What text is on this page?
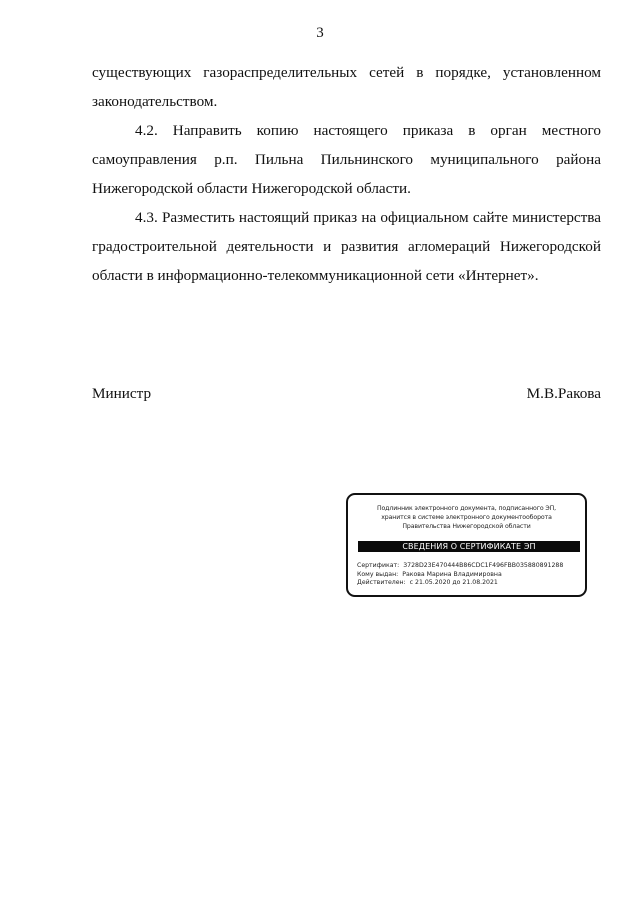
3

существующих газораспределительных сетей в порядке, установленном законодательством.

4.2. Направить копию настоящего приказа в орган местного самоуправления р.п. Пильна Пильнинского муниципального района Нижегородской области Нижегородской области.

4.3. Разместить настоящий приказ на официальном сайте министерства градостроительной деятельности и развития агломераций Нижегородской области в информационно-телекоммуникационной сети «Интернет».

Министр	М.В.Ракова
Подлинник электронного документа, подписанного ЭП,
хранится в системе электронного документооборота
Правительства Нижегородской области
СВЕДЕНИЯ О СЕРТИФИКАТЕ ЭП
Сертификат: 3728D23E470444B86CDC1F496FBB035880891288
Кому выдан: Ракова Марина Владимировна
Действителен: с 21.05.2020 до 21.08.2021
